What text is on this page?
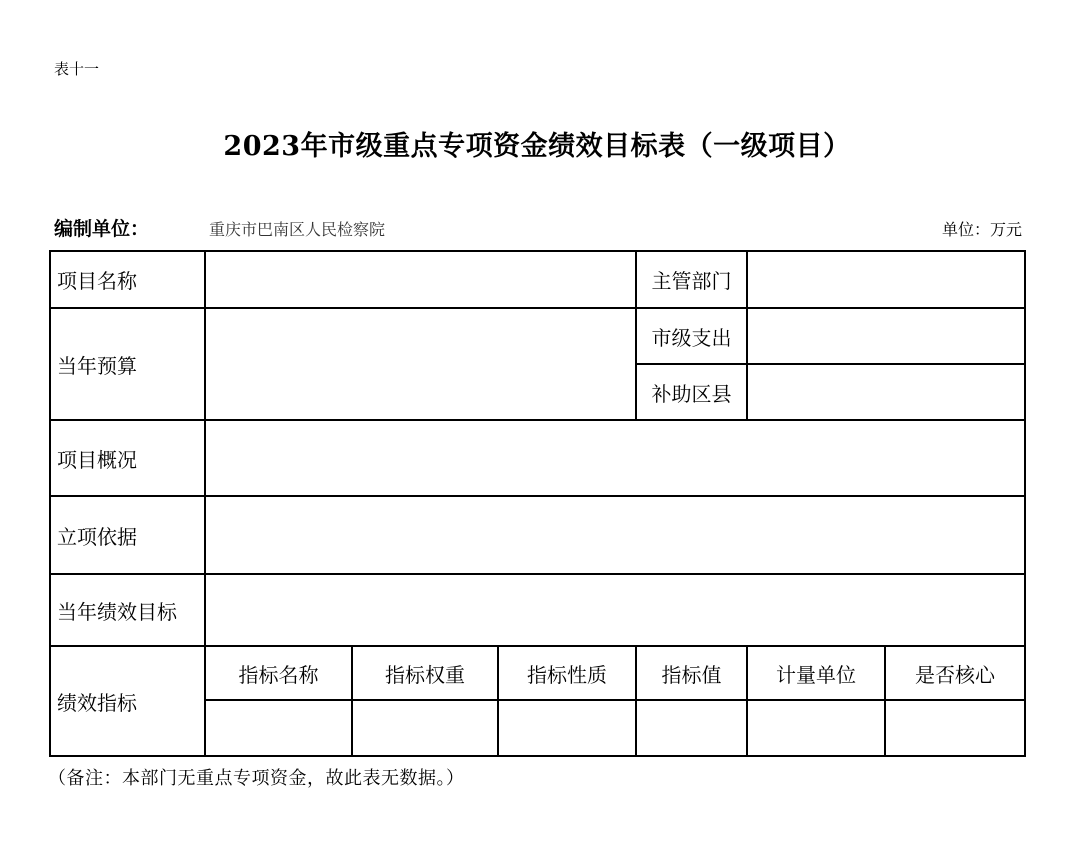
表十一
2023年市级重点专项资金绩效目标表（一级项目）
编制单位：	重庆市巴南区人民检察院	单位：万元
项目名称				主管部门		
当年预算				市级支出		
				补助区县		
项目概况						
立项依据						
当年绩效目标						
绩效指标	指标名称	指标权重	指标性质	指标值	计量单位	是否核心

（备注：本部门无重点专项资金，故此表无数据。）
